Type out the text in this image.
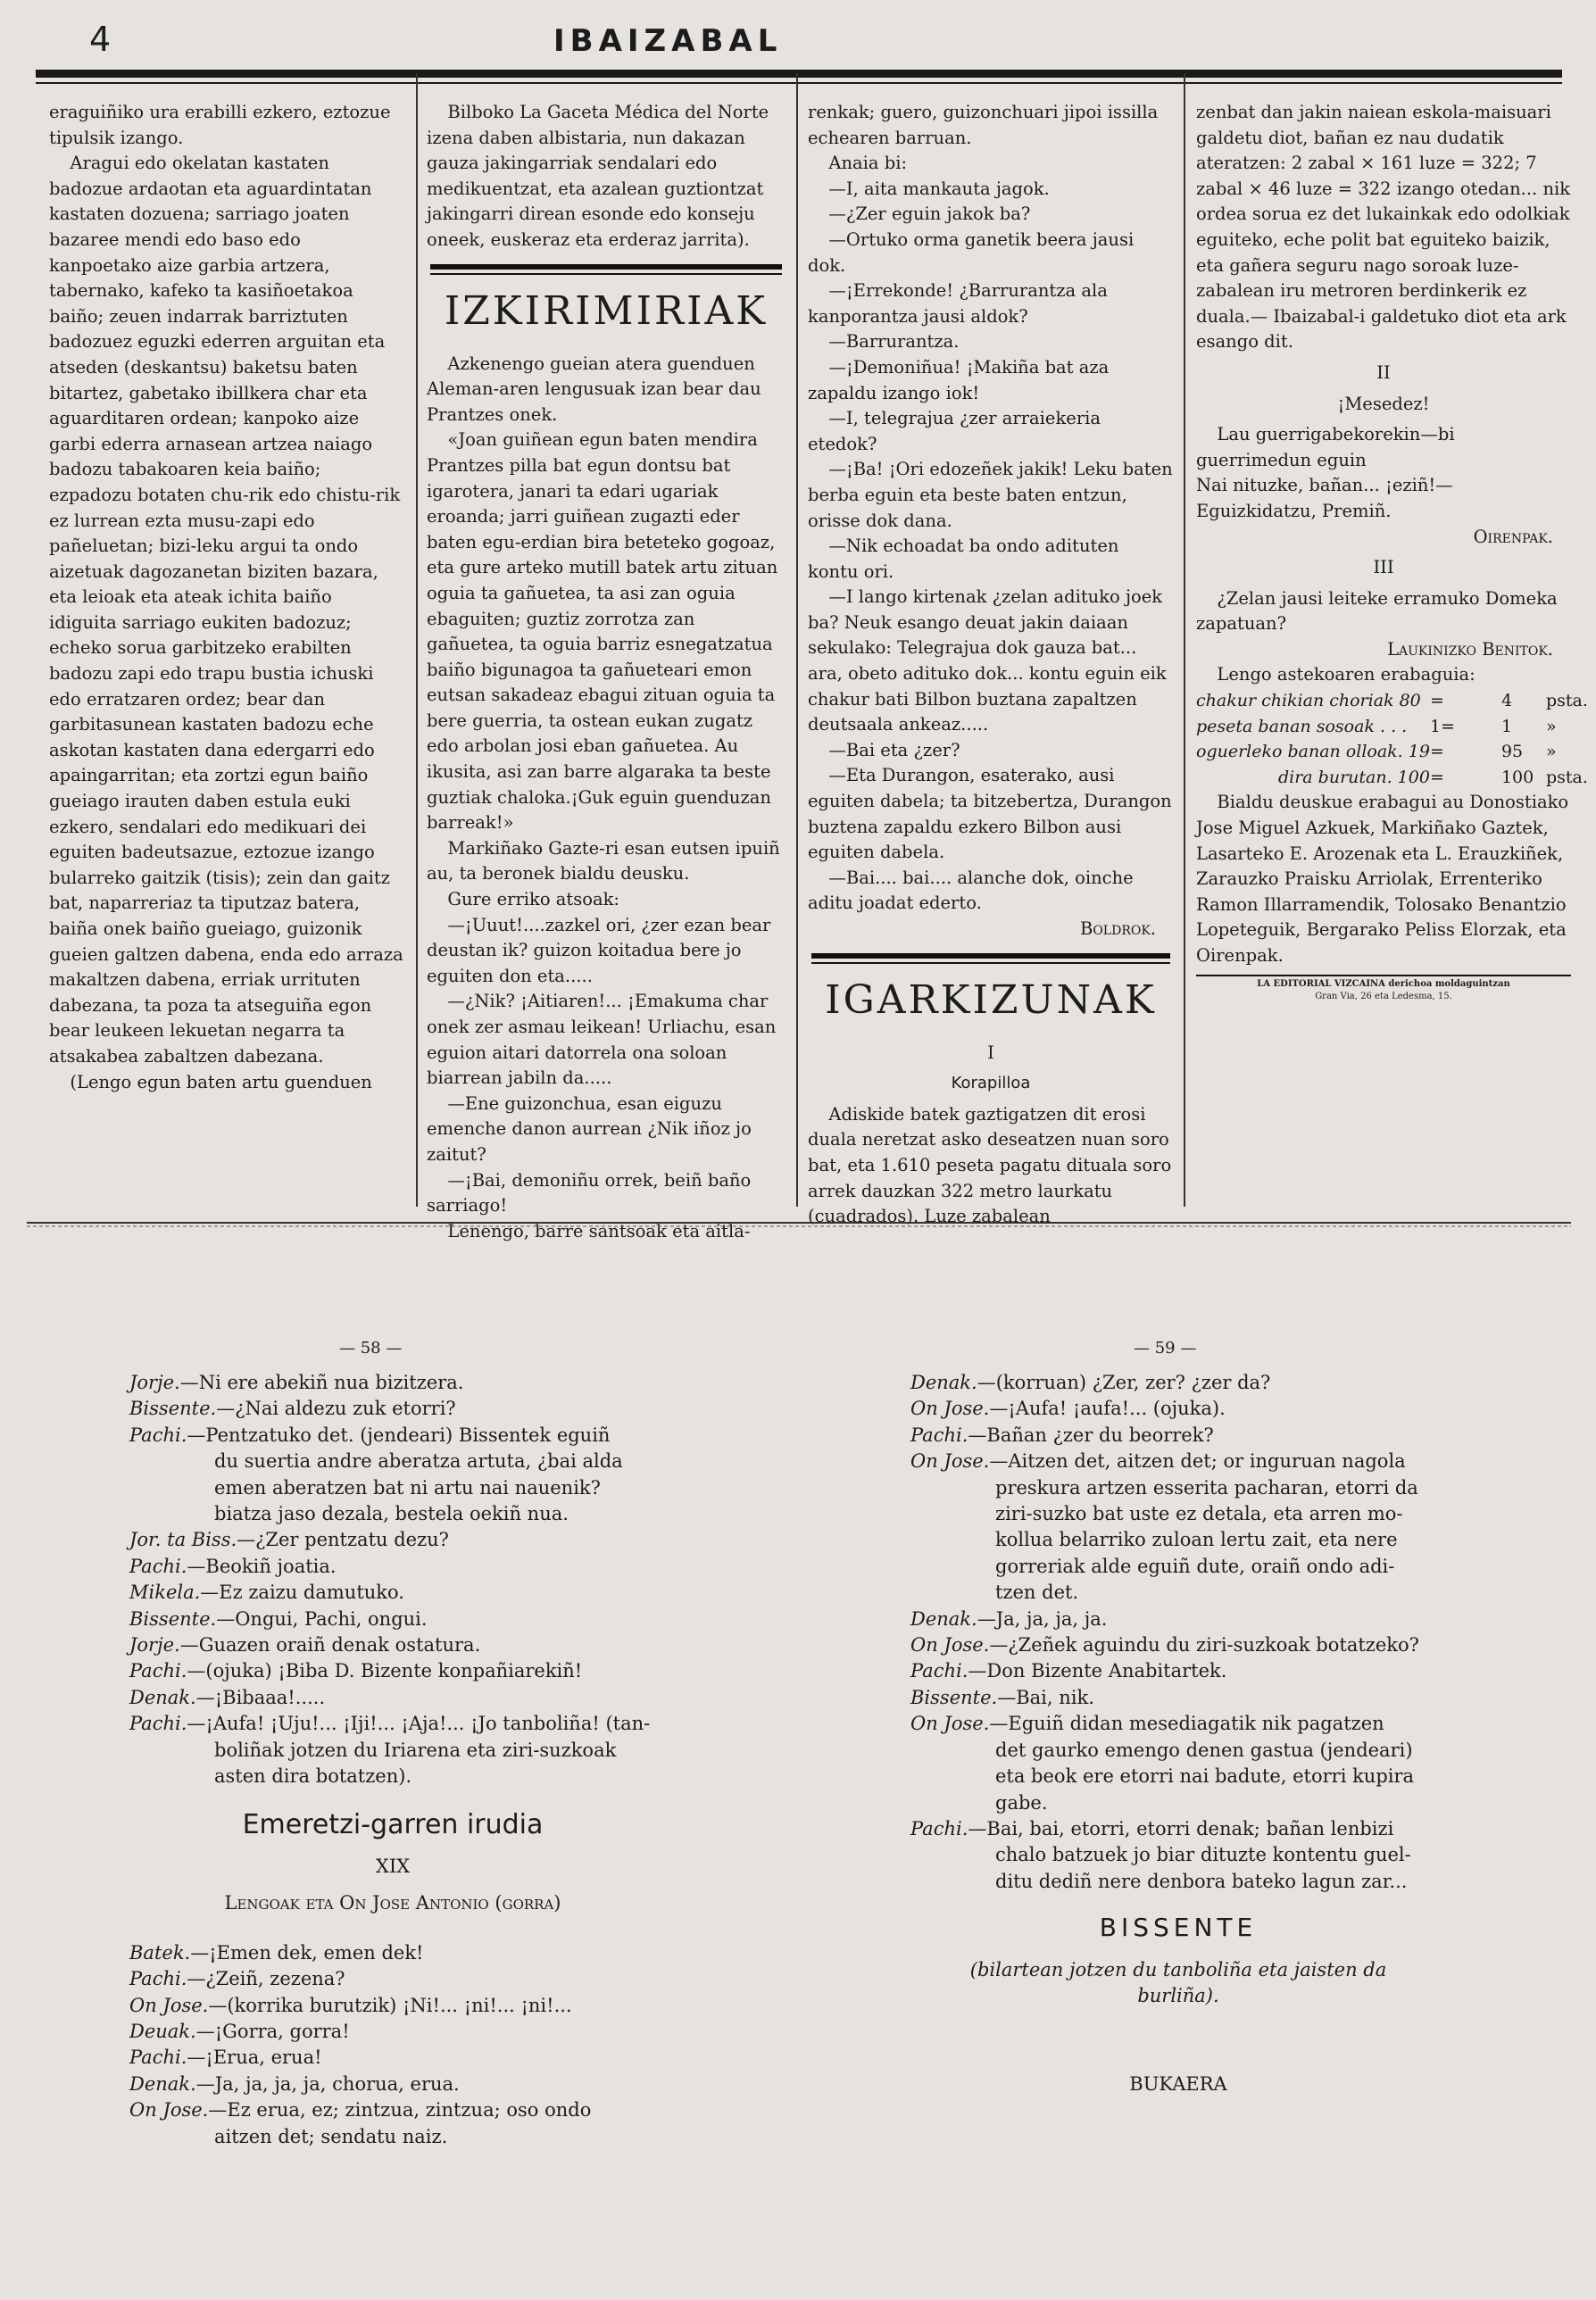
4	IBAIZABAL

eraguiñiko ura erabilli ezkero, eztozue tipulsik izango.

Aragui edo okelatan kastaten badozue ardaotan eta aguardintatan kastaten dozuena; sarriago joaten bazaree mendi edo baso edo kanpoetako aize garbia artzera, tabernako, kafeko ta kasiñoetakoa baiño; zeuen indarrak barriztuten badozuez eguzki ederren arguitan eta atseden (deskantsu) baketsu baten bitartez, gabetako ibillkera char eta aguarditaren ordean; kanpoko aize garbi ederra arnasean artzea naiago badozu tabakoaren keia baiño; ezpadozu botaten chu-rik edo chistu-rik ez lurrean ezta musu-zapi edo pañeluetan; bizi-leku argui ta ondo aizetuak dagozanetan biziten bazara, eta leioak eta ateak ichita baiño idiguita sarriago eukiten badozuz; echeko sorua garbitzeko erabilten badozu zapi edo trapu bustia ichuski edo erratzaren ordez; bear dan garbitasunean kastaten badozu eche askotan kastaten dana edergarri edo apaingarritan; eta zortzi egun baiño gueiago irauten daben estula euki ezkero, sendalari edo medikuari dei eguiten badeutsazue, eztozue izango bularreko gaitzik (tisis); zein dan gaitz bat, naparreriaz ta tiputzaz batera, baiña onek baiño gueiago, guizonik gueien galtzen dabena, enda edo arraza makaltzen dabena, erriak urrituten dabezana, ta poza ta atseguiña egon bear leukeen lekuetan negarra ta atsakabea zabaltzen dabezana.

(Lengo egun baten artu guenduen

Bilboko La Gaceta Médica del Norte izena daben albistaria, nun dakazan gauza jakingarriak sendalari edo medikuentzat, eta azalean guztiontzat jakingarri direan esonde edo konseju oneek, euskeraz eta erderaz jarrita).

IZKIRIMIRIAK

Azkenengo gueian atera guenduen Aleman-aren lengusuak izan bear dau Prantzes onek.

«Joan guiñean egun baten mendira Prantzes pilla bat egun dontsu bat igarotera, janari ta edari ugariak eroanda; jarri guiñean zugazti eder baten egu-erdian bira beteteko gogoaz, eta gure arteko mutill batek artu zituan oguia ta gañuetea, ta asi zan oguia ebaguiten; guztiz zorrotza zan gañuetea, ta oguia barriz esnegatzatua baiño bigunagoa ta gañueteari emon eutsan sakadeaz ebagui zituan oguia ta bere guerria, ta ostean eukan zugatz edo arbolan josi eban gañuetea. Au ikusita, asi zan barre algaraka ta beste guztiak chaloka.¡Guk eguin guenduzan barreak!»

Markiñako Gazte-ri esan eutsen ipuiñ au, ta beronek bialdu deusku.

Gure erriko atsoak:

—¡Uuut!....zazkel ori, ¿zer ezan bear deustan ik? guizon koitadua bere jo eguiten don eta.....

—¿Nik? ¡Aitiaren!... ¡Emakuma char onek zer asmau leikean! Urliachu, esan eguion aitari datorrela ona soloan biarrean jabiln da.....

—Ene guizonchua, esan eiguzu emenche danon aurrean ¿Nik iñoz jo zaitut?

—¡Bai, demoniñu orrek, beiñ baño sarriago!

Lenengo, barre santsoak eta aitla-

renkak; guero, guizonchuari jipoi issilla echearen barruan.

Anaia bi:

—I, aita mankauta jagok.

—¿Zer eguin jakok ba?

—Ortuko orma ganetik beera jausi dok.

—¡Errekonde! ¿Barrurantza ala kanporantza jausi aldok?

—Barrurantza.

—¡Demoniñua! ¡Makiña bat aza zapaldu izango iok!

—I, telegrajua ¿zer arraiekeria etedok?

—¡Ba! ¡Ori edozeñek jakik! Leku baten berba eguin eta beste baten entzun, orisse dok dana.

—Nik echoadat ba ondo adituten kontu ori.

—I lango kirtenak ¿zelan adituko joek ba? Neuk esango deuat jakin daiaan sekulako: Telegrajua dok gauza bat... ara, obeto adituko dok... kontu eguin eik chakur bati Bilbon buztana zapaltzen deutsaala ankeaz.....

—Bai eta ¿zer?

—Eta Durangon, esaterako, ausi eguiten dabela; ta bitzebertza, Durangon buztena zapaldu ezkero Bilbon ausi eguiten dabela.

—Bai.... bai.... alanche dok, oinche aditu joadat ederto.

Boldrok.
IGARKIZUNAK
I
Korapilloa

Adiskide batek gaztigatzen dit erosi duala neretzat asko deseatzen nuan soro bat, eta 1.610 peseta pagatu dituala soro arrek dauzkan 322 metro laurkatu (cuadrados). Luze zabalean

zenbat dan jakin naiean eskola-maisuari galdetu diot, bañan ez nau dudatik ateratzen: 2 zabal × 161 luze = 322; 7 zabal × 46 luze = 322 izango otedan... nik ordea sorua ez det lukainkak edo odolkiak eguiteko, eche polit bat eguiteko baizik, eta gañera seguru nago soroak luze-zabalean iru metroren berdinkerik ez duala.— Ibaizabal-i galdetuko diot eta ark esango dit.

II
¡Mesedez!

Lau guerrigabekorekin—bi guerrimedun eguin
Nai nituzke, bañan... ¡eziñ!—Eguizkidatzu, Premiñ.

Oirenpak.
III

¿Zelan jausi leiteke erramuko Domeka zapatuan?

Laukinizko Benitok.

Lengo astekoaren erabaguia:

chakur chikian choriak 80 =	4	psta.
peseta banan sosoak . . .	1=	1	»
oguerleko banan olloak. 19 =	95	»
dira burutan. 100 =	100 psta.

Bialdu deuskue erabagui au Donostiako Jose Miguel Azkuek, Markiñako Gaztek, Lasarteko E. Arozenak eta L. Erauzkiñek, Zarauzko Praisku Arriolak, Errenteriko Ramon Illarramendik, Tolosako Benantzio Lopeteguik, Bergarako Peliss Elorzak, eta Oirenpak.

LA EDITORIAL VIZCAINA derichoa moldaguintzan
Gran Via, 26 eta Ledesma, 15.
— 58 —	— 59 —

Jorje.—Ni ere abekiñ nua bizitzera.

Bissente.—¿Nai aldezu zuk etorri?

Pachi.—Pentzatuko det. (jendeari) Bissentek eguiñ

du suertia andre aberatza artuta, ¿bai alda

emen aberatzen bat ni artu nai nauenik?

biatza jaso dezala, bestela oekiñ nua.

Jor. ta Biss.—¿Zer pentzatu dezu?

Pachi.—Beokiñ joatia.

Mikela.—Ez zaizu damutuko.

Bissente.—Ongui, Pachi, ongui.

Jorje.—Guazen oraiñ denak ostatura.

Pachi.—(ojuka) ¡Biba D. Bizente konpañiarekiñ!

Denak.—¡Bibaaa!.....

Pachi.—¡Aufa! ¡Uju!... ¡Iji!... ¡Aja!... ¡Jo tanboliña! (tan-

boliñak jotzen du Iriarena eta ziri-suzkoak

asten dira botatzen).

Emeretzi-garren irudia
XIX
Lengoak eta On Jose Antonio (gorra)

Batek.—¡Emen dek, emen dek!

Pachi.—¿Zeiñ, zezena?

On Jose.—(korrika burutzik) ¡Ni!... ¡ni!... ¡ni!...

Deuak.—¡Gorra, gorra!

Pachi.—¡Erua, erua!

Denak.—Ja, ja, ja, ja, chorua, erua.

On Jose.—Ez erua, ez; zintzua, zintzua; oso ondo

aitzen det; sendatu naiz.

Denak.—(korruan) ¿Zer, zer? ¿zer da?

On Jose.—¡Aufa! ¡aufa!... (ojuka).

Pachi.—Bañan ¿zer du beorrek?

On Jose.—Aitzen det, aitzen det; or inguruan nagola

preskura artzen esserita pacharan, etorri da

ziri-suzko bat uste ez detala, eta arren mo-

kollua belarriko zuloan lertu zait, eta nere

gorreriak alde eguiñ dute, oraiñ ondo adi-

tzen det.

Denak.—Ja, ja, ja, ja.

On Jose.—¿Zeñek aguindu du ziri-suzkoak botatzeko?

Pachi.—Don Bizente Anabitartek.

Bissente.—Bai, nik.

On Jose.—Eguiñ didan mesediagatik nik pagatzen

det gaurko emengo denen gastua (jendeari)

eta beok ere etorri nai badute, etorri kupira

gabe.

Pachi.—Bai, bai, etorri, etorri denak; bañan lenbizi

chalo batzuek jo biar dituzte kontentu guel-

ditu dediñ nere denbora bateko lagun zar...

BISSENTE
(bilartean jotzen du tanboliña eta jaisten da burliña).
BUKAERA
